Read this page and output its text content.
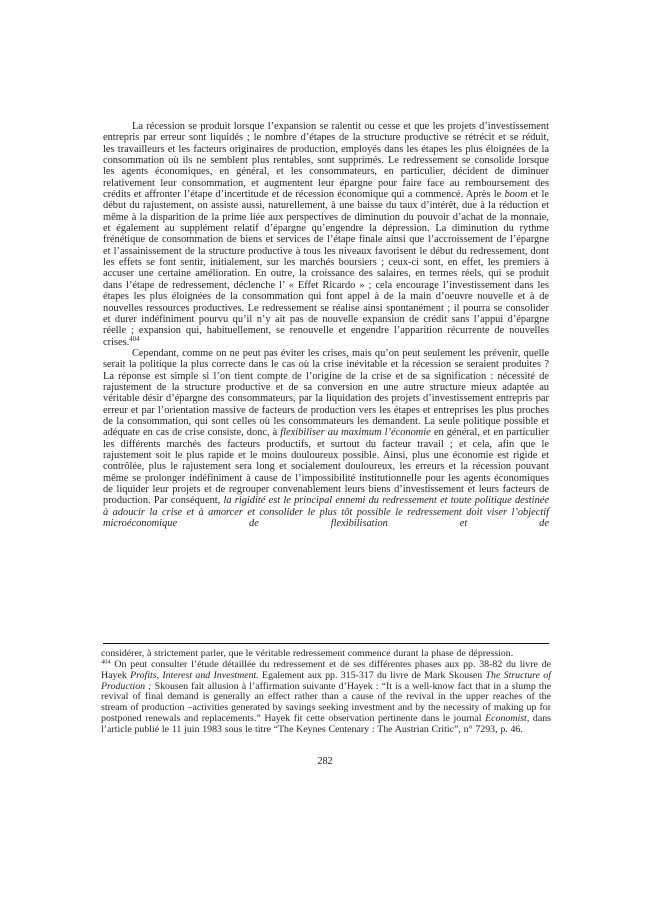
La récession se produit lorsque l’expansion se ralentit ou cesse et que les projets d’investissement entrepris par erreur sont liquidés ; le nombre d’étapes de la structure productive se rétrécit et se réduit, les travailleurs et les facteurs originaires de production, employés dans les étapes les plus éloignées de la consommation où ils ne semblent plus rentables, sont supprimés. Le redressement se consolide lorsque les agents économiques, en général, et les consommateurs, en particulier, décident de diminuer relativement leur consommation, et augmentent leur épargne pour faire face au remboursement des crédits et affronter l’étape d’incertitude et de récession économique qui a commencé. Après le boom et le début du rajustement, on assiste aussi, naturellement, à une baisse du taux d’intérêt, due à la réduction et même à la disparition de la prime liée aux perspectives de diminution du pouvoir d’achat de la monnaie, et également au supplément relatif d’épargne qu’engendre la dépression. La diminution du rythme frénétique de consommation de biens et services de l’étape finale ainsi que l’accroissement de l’épargne et l’assainissement de la structure productive à tous les niveaux favorisent le début du redressement, dont les effets se font sentir, initialement, sur les marchés boursiers ; ceux-ci sont, en effet, les premiers à accuser une certaine amélioration. En outre, la croissance des salaires, en termes réels, qui se produit dans l’étape de redressement, déclenche l’ « Effet Ricardo » ; cela encourage l’investissement dans les étapes les plus éloignées de la consommation qui font appel à de la main d’oeuvre nouvelle et à de nouvelles ressources productives. Le redressement se réalise ainsi spontanément ; il pourra se consolider et durer indéfiniment pourvu qu’il n’y ait pas de nouvelle expansion de crédit sans l’appui d’épargne réelle ; expansion qui, habituellement, se renouvelle et engendre l’apparition récurrente de nouvelles crises.$^{404}$

Cependant, comme on ne peut pas éviter les crises, mais qu’on peut seulement les prévenir, quelle serait la politique la plus correcte dans le cas où la crise inévitable et la récession se seraient produites ? La réponse est simple si l’on tient compte de l’origine de la crise et de sa signification : nécessité de rajustement de la structure productive et de sa conversion en une autre structure mieux adaptée au véritable désir d’épargne des consommateurs, par la liquidation des projets d’investissement entrepris par erreur et par l’orientation massive de facteurs de production vers les étapes et entreprises les plus proches de la consommation, qui sont celles où les consommateurs les demandent. La seule politique possible et adéquate en cas de crise consiste, donc, à flexibiliser au maximum l’économie en général, et en particulier les différents marchés des facteurs productifs, et surtout du facteur travail ; et cela, afin que le rajustement soit le plus rapide et le moins douloureux possible. Ainsi, plus une économie est rigide et contrôlée, plus le rajustement sera long et socialement douloureux, les erreurs et la récession pouvant même se prolonger indéfiniment à cause de l’impossibilité institutionnelle pour les agents économiques de liquider leur projets et de regrouper convenablement leurs biens d’investissement et leurs facteurs de production. Par conséquent, la rigidité est le principal ennemi du redressement et toute politique destinée à adoucir la crise et à amorcer et consolider le plus tôt possible le redressement doit viser l’objectif microéconomique de flexibilisation et de

considérer, à strictement parler, que le véritable redressement commence durant la phase de dépression.

$^{404}$ On peut consulter l’étude détaillée du redressement et de ses différentes phases aux pp. 38-82 du livre de Hayek Profits, Interest and Investment. Egalement aux pp. 315-317 du livre de Mark Skousen The Structure of Production ; Skousen fait allusion à l’affirmation suivante d’Hayek : “It is a well-know fact that in a slump the revival of final demand is generally an effect rather than a cause of the revival in the upper reaches of the stream of production –activities generated by savings seeking investment and by the necessity of making up for postponed renewals and replacements.” Hayek fit cette observation pertinente dans le journal Economist, dans l’article publié le 11 juin 1983 sous le titre “The Keynes Centenary : The Austrian Critic”, n° 7293, p. 46.

282
